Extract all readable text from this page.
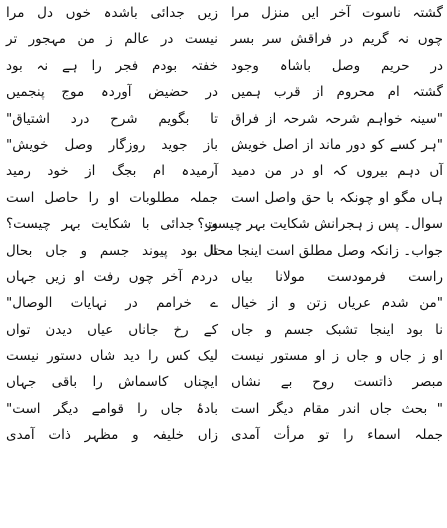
گشتہ ناسوت آخر ایں منزل مرا
چوں نہ گریم در فراقش سر بسر
در حریم وصل باشاہ وجود
گشتہ ام محروم از قرب ہمیں
"سینہ خواہم شرحہ شرحہ از فراق
"ہر کسے کو دور ماند از اصل خویش
آں دہم بیروں کہ او در من دمید
ہاں مگو او چونکہ با حق واصل است
سوال۔ پس ز ہجرانش شکایت بہر چیست؟
جواب۔ زانکہ وصل مطلق است اینجا محال
راست فرمودست مولانا بیاں
"من شدم عریاں زتن و از خیال
نا بود اینجا تشبک جسم و جاں
او ز جاں و جاں ز او مستور نیست
مبصر ذاتست روح بے نشاں
" بحث جاں اندر مقام دیگر است
جملہ اسماء را تو مرأت آمدی
زیں جدائی باشدہ خوں دل مرا
نیست در عالم ز من مہجور تر
خفتہ بودم فجر را ہے نہ بود
در حضیض آوردہ موج پنجمیں
تا بگویم شرح درد اشتیاق"
باز جوید روزگار وصل خویش"
آرمیدہ ام بجگ از خود رمید
جملہ مطلوبات او را حاصل است
وز جدائی با شکایت بہر چیست؟
تا بود پیوند جسم و جاں بحال
دردم آخر چوں رفت او زیں جہاں
ے خرامم در نہایات الوصال"
کے رخ جاناں عیاں دیدن تواں
لیک کس را دید شاں دستور نیست
ایچناں کاسماش را باقی جہاں
بادۂ جاں را قوامے دیگر است"
زاں خلیفہ و مظہر ذات آمدی
